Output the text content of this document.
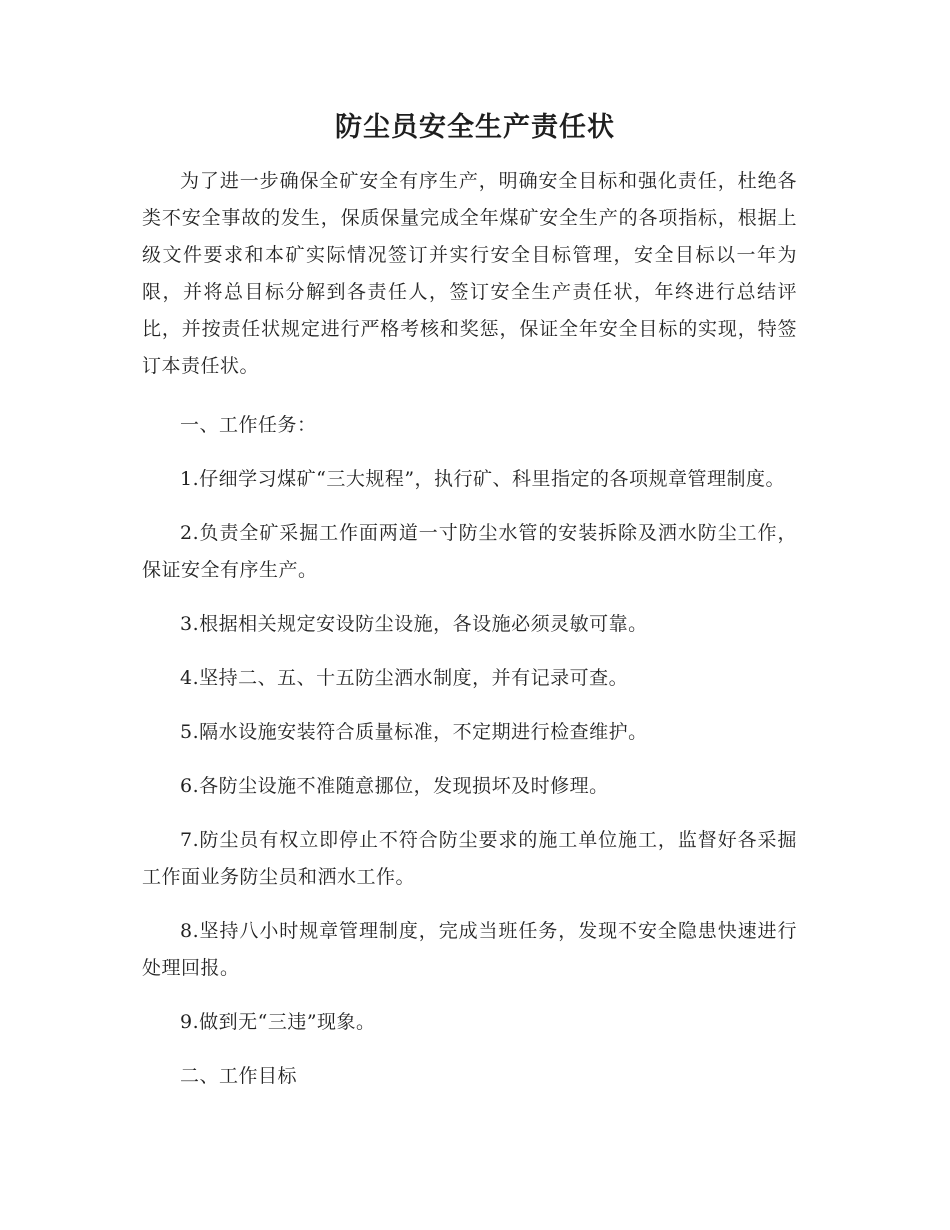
防尘员安全生产责任状

为了进一步确保全矿安全有序生产，明确安全目标和强化责任，杜绝各类不安全事故的发生，保质保量完成全年煤矿安全生产的各项指标，根据上级文件要求和本矿实际情况签订并实行安全目标管理，安全目标以一年为限，并将总目标分解到各责任人，签订安全生产责任状，年终进行总结评比，并按责任状规定进行严格考核和奖惩，保证全年安全目标的实现，特签订本责任状。

一、工作任务：

1.仔细学习煤矿“三大规程”，执行矿、科里指定的各项规章管理制度。

2.负责全矿采掘工作面两道一寸防尘水管的安装拆除及洒水防尘工作，保证安全有序生产。

3.根据相关规定安设防尘设施，各设施必须灵敏可靠。

4.坚持二、五、十五防尘洒水制度，并有记录可查。

5.隔水设施安装符合质量标准，不定期进行检查维护。

6.各防尘设施不准随意挪位，发现损坏及时修理。

7.防尘员有权立即停止不符合防尘要求的施工单位施工，监督好各采掘工作面业务防尘员和洒水工作。

8.坚持八小时规章管理制度，完成当班任务，发现不安全隐患快速进行处理回报。

9.做到无“三违”现象。

二、工作目标
